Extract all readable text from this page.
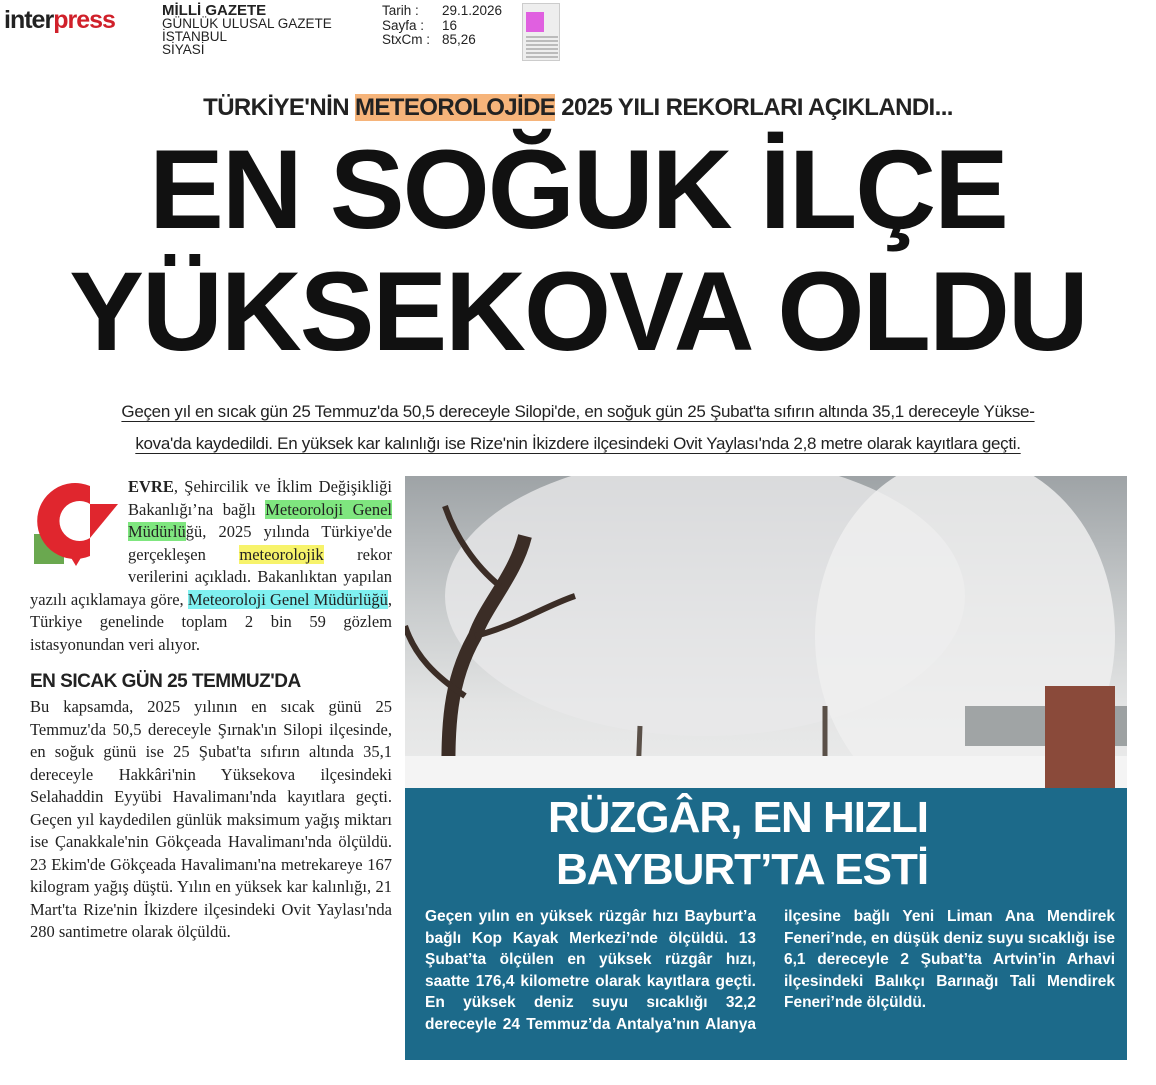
interpress	MİLLİ GAZETE
GÜNLÜK ULUSAL GAZETE
İSTANBUL
SİYASİ
Tarih :	29.1.2026
Sayfa :	16
StxCm : 85,26
TÜRKİYE'NİN METEOROLOJİDE 2025 YILI REKORLARI AÇIKLANDI...
EN SOĞUK İLÇE
YÜKSEKOVA OLDU
Geçen yıl en sıcak gün 25 Temmuz'da 50,5 dereceyle Silopi'de, en soğuk gün 25 Şubat'ta sıfırın altında 35,1 dereceyle Yükse-
kova'da kaydedildi. En yüksek kar kalınlığı ise Rize'nin İkizdere ilçesindeki Ovit Yaylası'nda 2,8 metre olarak kayıtlara geçti.

EVRE, Şehircilik ve İklim Değişikliği Bakanlığı’na bağlı Meteoroloji Genel Müdürlüğü, 2025 yılında Türkiye'de gerçekleşen meteorolojik rekor verilerini açıkladı. Bakanlıktan yapılan yazılı açıklamaya göre, Meteoroloji Genel Müdürlüğü, Türkiye genelinde toplam 2 bin 59 gözlem istasyonundan veri alıyor.

EN SICAK GÜN 25 TEMMUZ'DA

Bu kapsamda, 2025 yılının en sıcak günü 25 Temmuz'da 50,5 dereceyle Şırnak'ın Silopi ilçesinde, en soğuk günü ise 25 Şubat'ta sıfırın altında 35,1 dereceyle Hakkâri'nin Yüksekova ilçesindeki Selahaddin Eyyübi Havalimanı'nda kayıtlara geçti. Geçen yıl kaydedilen günlük maksimum yağış miktarı ise Çanakkale'nin Gökçeada Havalimanı'nda ölçüldü. 23 Ekim'de Gökçeada Havalimanı'na metrekareye 167 kilogram yağış düştü. Yılın en yüksek kar kalınlığı, 21 Mart'ta Rize'nin İkizdere ilçesindeki Ovit Yaylası'nda 280 santimetre olarak ölçüldü.

RÜZGÂR, EN HIZLI
BAYBURT’TA ESTİ
Geçen yılın en yüksek rüzgâr hızı Bayburt’a bağlı Kop Kayak Merkezi’nde ölçüldü. 13 Şubat’ta ölçülen en yüksek rüzgâr hızı, saatte 176,4 kilometre olarak kayıtlara geçti. En yüksek deniz suyu sıcaklığı 32,2 dereceyle 24 Temmuz’da Antalya’nın Alanya ilçesine bağlı Yeni Liman Ana Mendirek Feneri’nde, en düşük deniz suyu sıcaklığı ise 6,1 dereceyle 2 Şubat’ta Artvin’in Arhavi ilçesindeki Balıkçı Barınağı Tali Mendirek Feneri’nde ölçüldü.
